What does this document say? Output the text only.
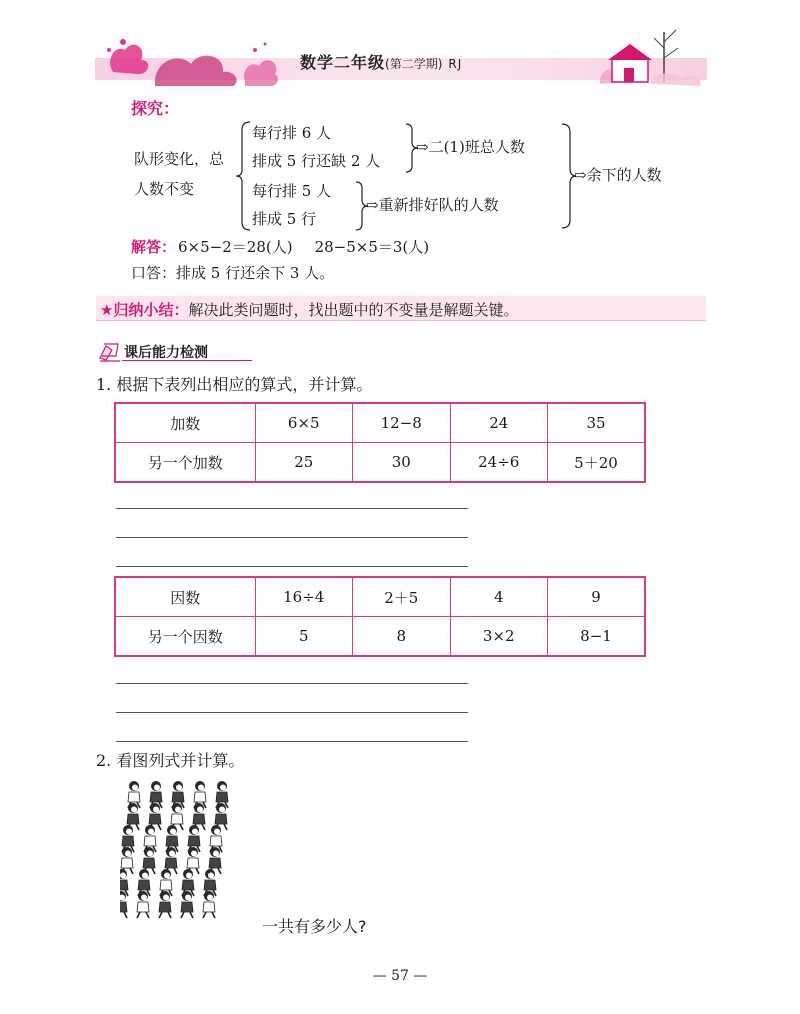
数学二年级(第二学期) RJ
探究：
队形变化，总
人数不变
每行排 6 人
排成 5 行还缺 2 人
每行排 5 人
排成 5 行
⇨二(1)班总人数
⇨重新排好队的人数
⇨余下的人数
解答： 6×5−2＝28(人) 28−5×5＝3(人)
口答：排成 5 行还余下 3 人。
★归纳小结：解决此类问题时，找出题中的不变量是解题关键。
课后能力检测
1. 根据下表列出相应的算式，并计算。
加数	6×5	12−8	24	35
另一个加数	25	30	24÷6	5＋20
因数	16÷4	2＋5	4	9
另一个因数	5	8	3×2	8−1
2. 看图列式并计算。
一共有多少人?
— 57 —
